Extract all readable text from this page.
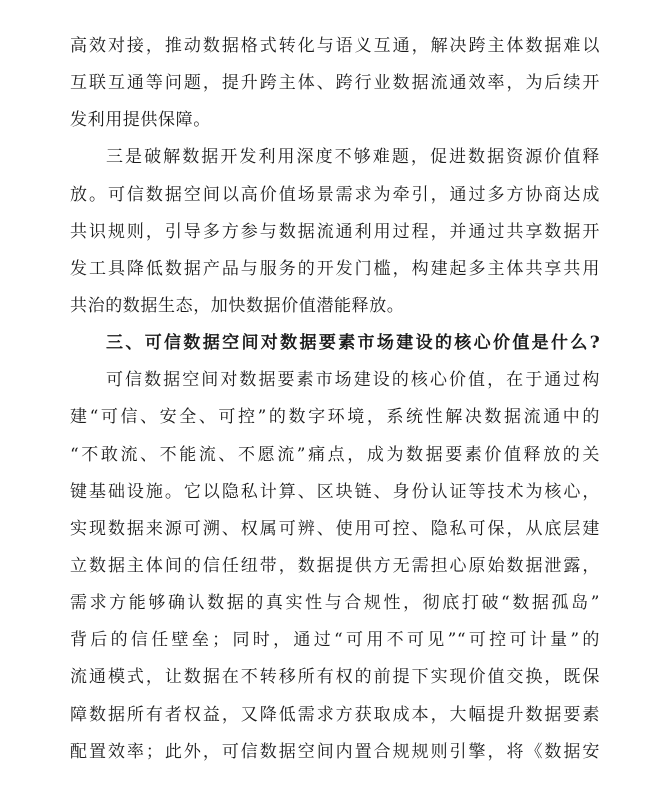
高效对接，推动数据格式转化与语义互通，解决跨主体数据难以
互联互通等问题，提升跨主体、跨行业数据流通效率，为后续开
发利用提供保障。
三是破解数据开发利用深度不够难题，促进数据资源价值释
放。可信数据空间以高价值场景需求为牵引，通过多方协商达成
共识规则，引导多方参与数据流通利用过程，并通过共享数据开
发工具降低数据产品与服务的开发门槛，构建起多主体共享共用
共治的数据生态，加快数据价值潜能释放。
三、可信数据空间对数据要素市场建设的核心价值是什么?
可信数据空间对数据要素市场建设的核心价值，在于通过构
建“可信、安全、可控”的数字环境，系统性解决数据流通中的
“不敢流、不能流、不愿流”痛点，成为数据要素价值释放的关
键基础设施。它以隐私计算、区块链、身份认证等技术为核心，
实现数据来源可溯、权属可辨、使用可控、隐私可保，从底层建
立数据主体间的信任纽带，数据提供方无需担心原始数据泄露，
需求方能够确认数据的真实性与合规性，彻底打破“数据孤岛”
背后的信任壁垒；同时，通过“可用不可见”“可控可计量”的
流通模式，让数据在不转移所有权的前提下实现价值交换，既保
障数据所有者权益，又降低需求方获取成本，大幅提升数据要素
配置效率；此外，可信数据空间内置合规规则引擎，将《数据安
